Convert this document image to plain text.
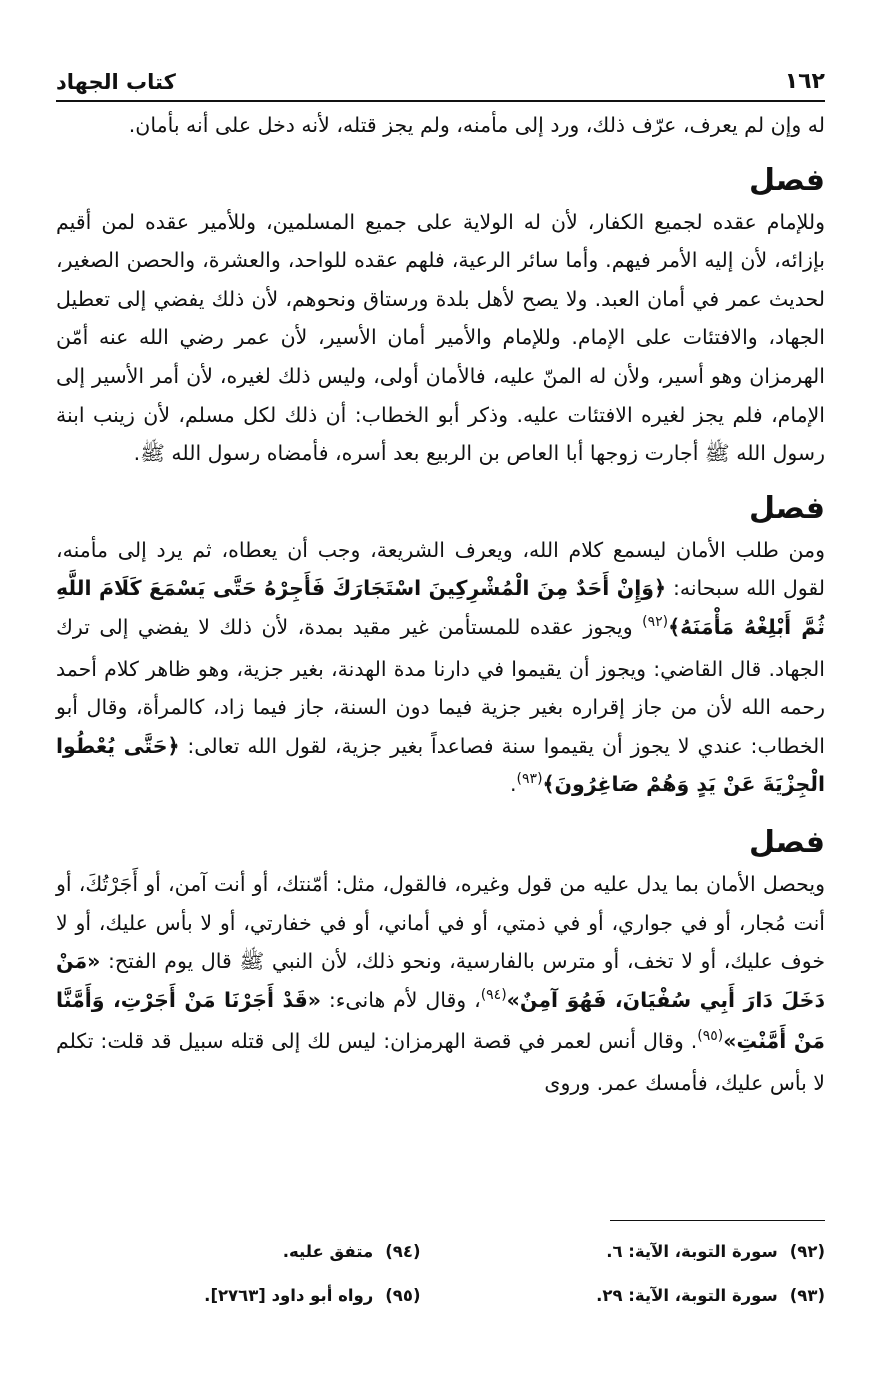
١٦٢
كتاب الجهاد

له وإن لم يعرف، عرّف ذلك، ورد إلى مأمنه، ولم يجز قتله، لأنه دخل على أنه بأمان.

فصل

وللإمام عقده لجميع الكفار، لأن له الولاية على جميع المسلمين، وللأمير عقده لمن أقيم بإزائه، لأن إليه الأمر فيهم. وأما سائر الرعية، فلهم عقده للواحد، والعشرة، والحصن الصغير، لحديث عمر في أمان العبد. ولا يصح لأهل بلدة ورستاق ونحوهم، لأن ذلك يفضي إلى تعطيل الجهاد، والافتئات على الإمام. وللإمام والأمير أمان الأسير، لأن عمر رضي الله عنه أمّن الهرمزان وهو أسير، ولأن له المنّ عليه، فالأمان أولى، وليس ذلك لغيره، لأن أمر الأسير إلى الإمام، فلم يجز لغيره الافتئات عليه. وذكر أبو الخطاب: أن ذلك لكل مسلم، لأن زينب ابنة رسول الله ﷺ أجارت زوجها أبا العاص بن الربيع بعد أسره، فأمضاه رسول الله ﷺ.

فصل

ومن طلب الأمان ليسمع كلام الله، ويعرف الشريعة، وجب أن يعطاه، ثم يرد إلى مأمنه، لقول الله سبحانه: ﴿وَإِنْ أَحَدٌ مِنَ الْمُشْرِكِينَ اسْتَجَارَكَ فَأَجِرْهُ حَتَّى يَسْمَعَ كَلَامَ اللَّهِ ثُمَّ أَبْلِغْهُ مَأْمَنَهُ﴾$^{(٩٢)}$ ويجوز عقده للمستأمن غير مقيد بمدة، لأن ذلك لا يفضي إلى ترك الجهاد. قال القاضي: ويجوز أن يقيموا في دارنا مدة الهدنة، بغير جزية، وهو ظاهر كلام أحمد رحمه الله لأن من جاز إقراره بغير جزية فيما دون السنة، جاز فيما زاد، كالمرأة، وقال أبو الخطاب: عندي لا يجوز أن يقيموا سنة فصاعداً بغير جزية، لقول الله تعالى: ﴿حَتَّى يُعْطُوا الْجِزْيَةَ عَنْ يَدٍ وَهُمْ صَاغِرُونَ﴾$^{(٩٣)}$.

فصل

ويحصل الأمان بما يدل عليه من قول وغيره، فالقول، مثل: أمّنتك، أو أنت آمن، أو أَجَرْتُكَ، أو أنت مُجار، أو في جواري، أو في ذمتي، أو في أماني، أو في خفارتي، أو لا بأس عليك، أو لا خوف عليك، أو لا تخف، أو مترس بالفارسية، ونحو ذلك، لأن النبي ﷺ قال يوم الفتح: «مَنْ دَخَلَ دَارَ أَبِي سُفْيَانَ، فَهُوَ آمِنٌ»$^{(٩٤)}$، وقال لأم هانىء: «قَدْ أَجَرْنَا مَنْ أَجَرْتِ، وَأَمَّنَّا مَنْ أَمَّنْتِ»$^{(٩٥)}$. وقال أنس لعمر في قصة الهرمزان: ليس لك إلى قتله سبيل قد قلت: تكلم لا بأس عليك، فأمسك عمر. وروى

(٩٢)
سورة التوبة، الآية: ٦.
(٩٤)
متفق عليه.
(٩٣)
سورة التوبة، الآية: ٢٩.
(٩٥)
رواه أبو داود [٢٧٦٣].
